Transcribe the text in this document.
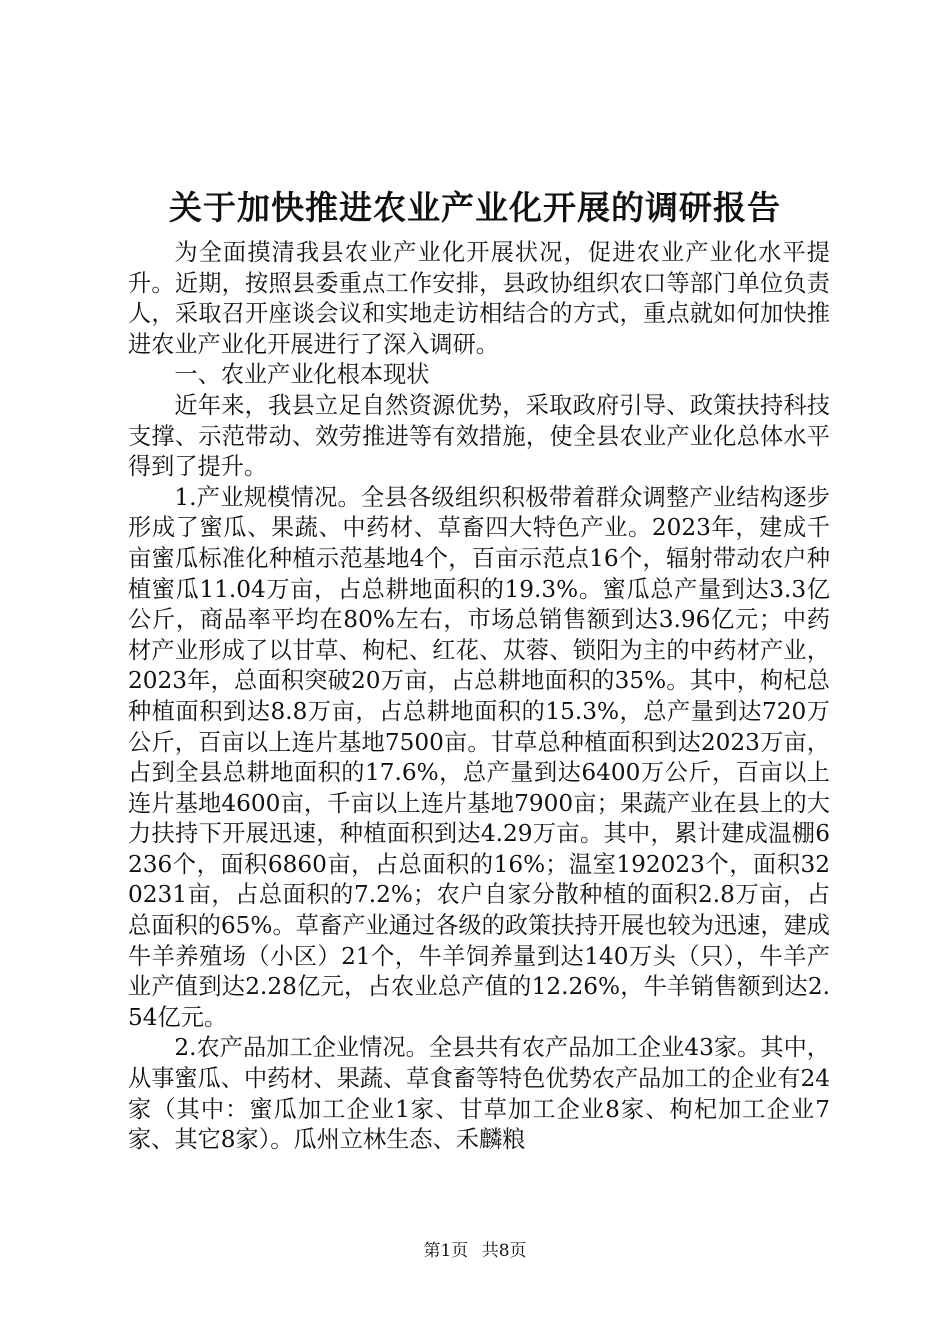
关于加快推进农业产业化开展的调研报告

为全面摸清我县农业产业化开展状况，促进农业产业化水平提升。近期，按照县委重点工作安排，县政协组织农口等部门单位负责人，采取召开座谈会议和实地走访相结合的方式，重点就如何加快推进农业产业化开展进行了深入调研。

一、农业产业化根本现状

近年来，我县立足自然资源优势，采取政府引导、政策扶持科技支撑、示范带动、效劳推进等有效措施，使全县农业产业化总体水平得到了提升。

1.产业规模情况。全县各级组织积极带着群众调整产业结构逐步形成了蜜瓜、果蔬、中药材、草畜四大特色产业。2023年，建成千亩蜜瓜标准化种植示范基地4个，百亩示范点16个，辐射带动农户种植蜜瓜11.04万亩，占总耕地面积的19.3%。蜜瓜总产量到达3.3亿公斤，商品率平均在80%左右，市场总销售额到达3.96亿元；中药材产业形成了以甘草、枸杞、红花、苁蓉、锁阳为主的中药材产业，2023年，总面积突破20万亩，占总耕地面积的35%。其中，枸杞总种植面积到达8.8万亩，占总耕地面积的15.3%，总产量到达720万公斤，百亩以上连片基地7500亩。甘草总种植面积到达2023万亩，占到全县总耕地面积的17.6%，总产量到达6400万公斤，百亩以上连片基地4600亩，千亩以上连片基地7900亩；果蔬产业在县上的大力扶持下开展迅速，种植面积到达4.29万亩。其中，累计建成温棚6236个，面积6860亩，占总面积的16%；温室192023个，面积320231亩，占总面积的7.2%；农户自家分散种植的面积2.8万亩，占总面积的65%。草畜产业通过各级的政策扶持开展也较为迅速，建成牛羊养殖场（小区）21个，牛羊饲养量到达140万头（只），牛羊产业产值到达2.28亿元，占农业总产值的12.26%，牛羊销售额到达2.54亿元。

2.农产品加工企业情况。全县共有农产品加工企业43家。其中，从事蜜瓜、中药材、果蔬、草食畜等特色优势农产品加工的企业有24家（其中：蜜瓜加工企业1家、甘草加工企业8家、枸杞加工企业7家、其它8家）。瓜州立林生态、禾麟粮

第1页 共8页
